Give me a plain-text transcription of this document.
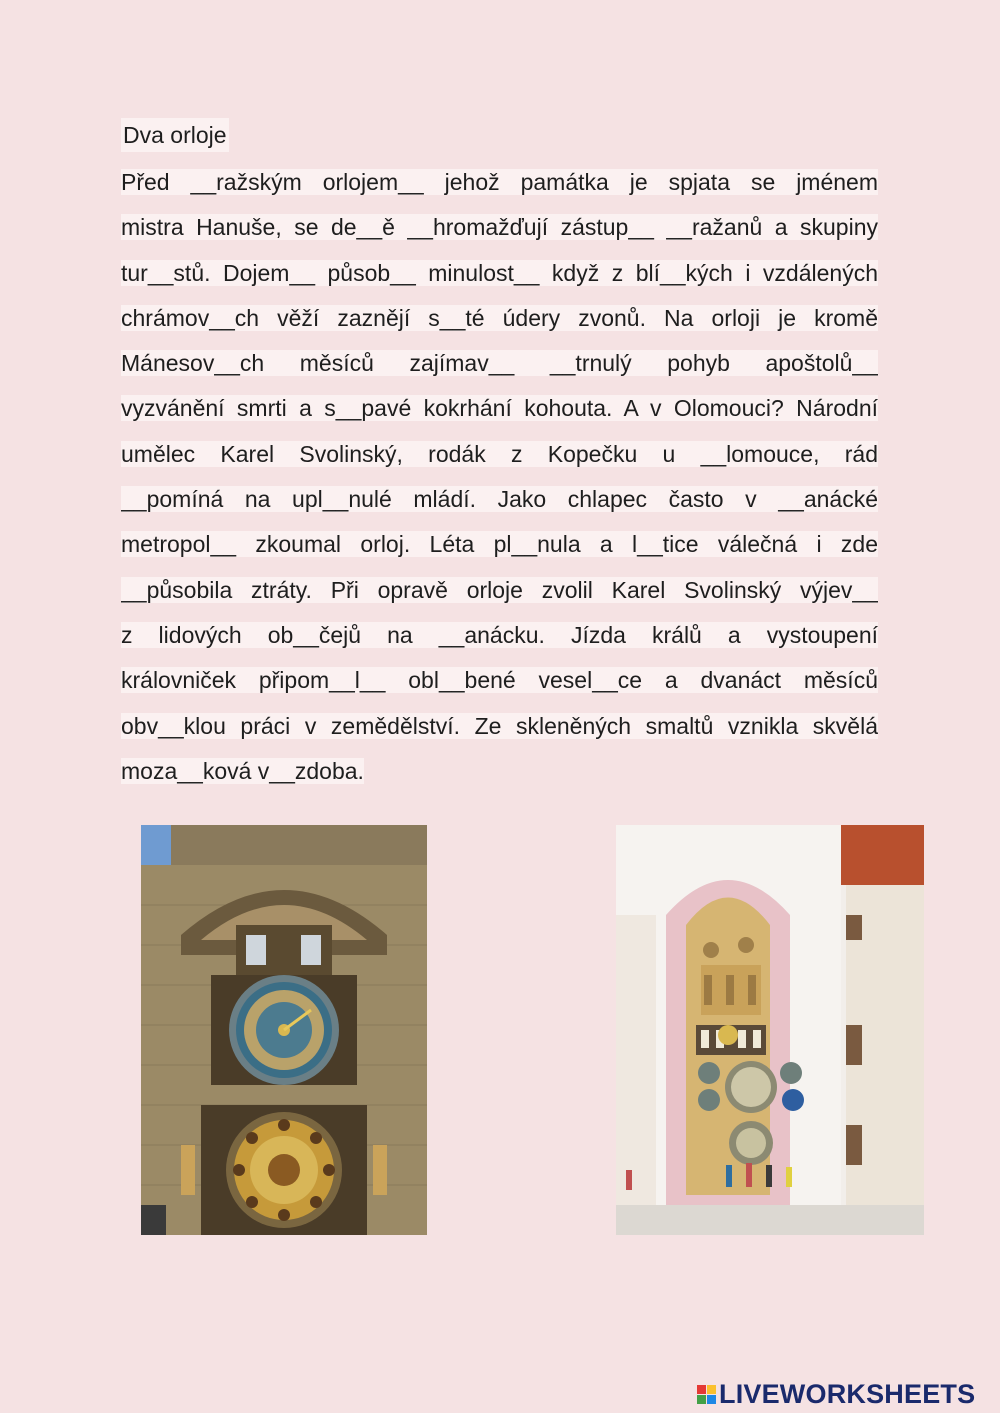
Dva orloje
Před __ražským orlojem__ jehož památka je spjata se jménem
mistra Hanuše, se de__ě __hromažďují zástup__ __ražanů a skupiny
tur__stů. Dojem__ působ__ minulost__ když z blí__kých i vzdálených
chrámov__ch věží zaznějí s__té údery zvonů. Na orloji je kromě
Mánesov__ch měsíců zajímav__ __trnulý pohyb apoštolů__
vyzvánění smrti a s__pavé kokrhání kohouta. A v Olomouci? Národní
umělec Karel Svolinský, rodák z Kopečku u __lomouce, rád
__pomíná na upl__nulé mládí. Jako chlapec často v __anácké
metropol__ zkoumal orloj. Léta pl__nula a l__tice válečná i zde
__působila ztráty. Při opravě orloje zvolil Karel Svolinský výjev__
z lidových ob__čejů na __anácku. Jízda králů a vystoupení
královniček připom__l__ obl__bené vesel__ce a dvanáct měsíců
obv__klou práci v zemědělství. Ze skleněných smaltů vznikla skvělá
moza__ková v__zdoba.
LIVEWORKSHEETS
